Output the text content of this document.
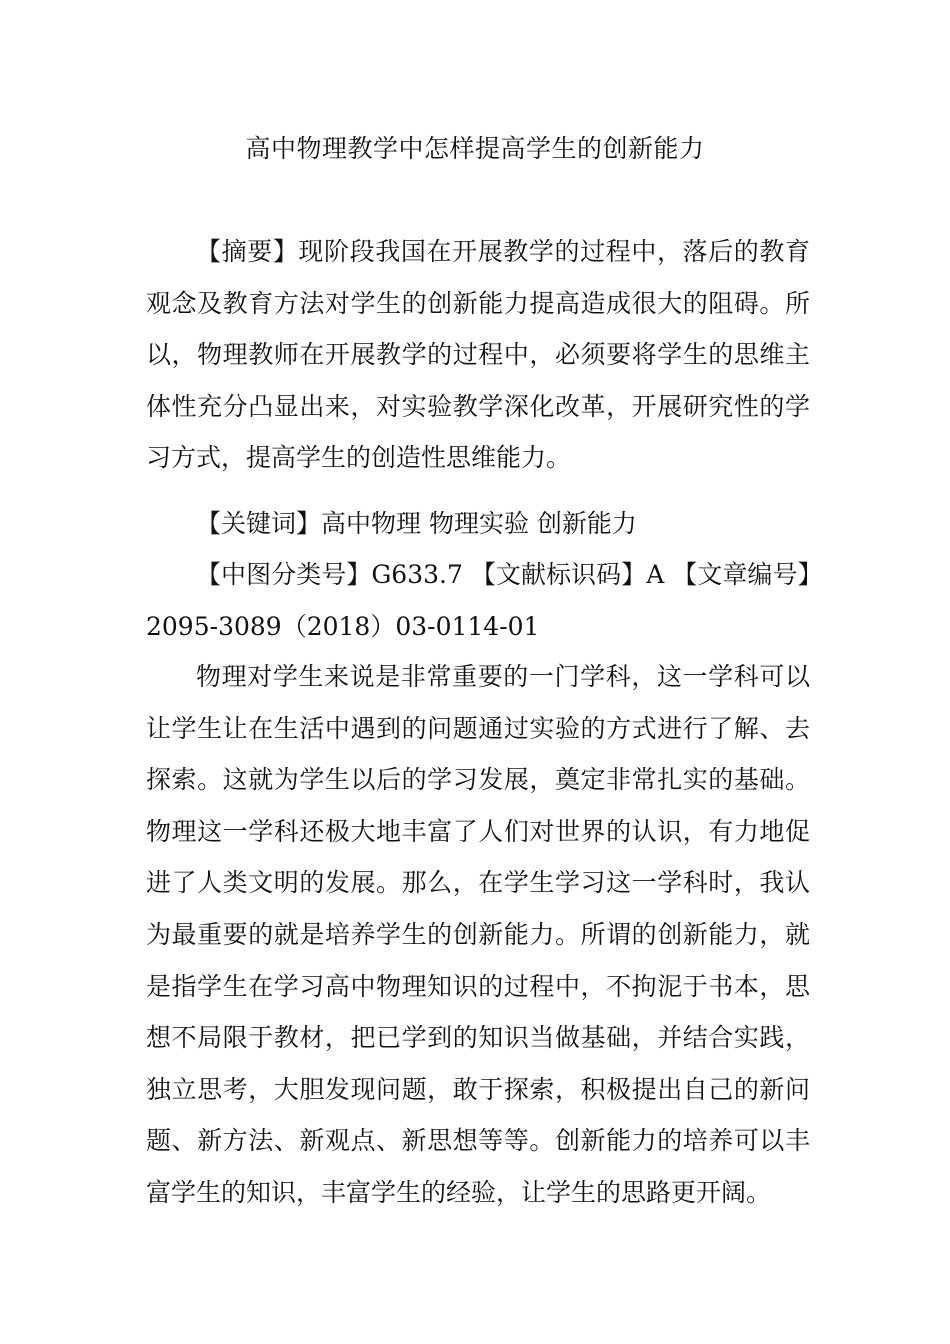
高中物理教学中怎样提高学生的创新能力

【摘要】现阶段我国在开展教学的过程中，落后的教育观念及教育方法对学生的创新能力提高造成很大的阻碍。所以，物理教师在开展教学的过程中，必须要将学生的思维主体性充分凸显出来，对实验教学深化改革，开展研究性的学习方式，提高学生的创造性思维能力。

【关键词】高中物理 物理实验 创新能力

【中图分类号】G633.7 【文献标识码】A 【文章编号】2095-3089（2018）03-0114-01

物理对学生来说是非常重要的一门学科，这一学科可以让学生让在生活中遇到的问题通过实验的方式进行了解、去探索。这就为学生以后的学习发展，奠定非常扎实的基础。物理这一学科还极大地丰富了人们对世界的认识，有力地促进了人类文明的发展。那么，在学生学习这一学科时，我认为最重要的就是培养学生的创新能力。所谓的创新能力，就是指学生在学习高中物理知识的过程中，不拘泥于书本，思想不局限于教材，把已学到的知识当做基础，并结合实践，独立思考，大胆发现问题，敢于探索，积极提出自己的新问题、新方法、新观点、新思想等等。创新能力的培养可以丰富学生的知识，丰富学生的经验，让学生的思路更开阔。
